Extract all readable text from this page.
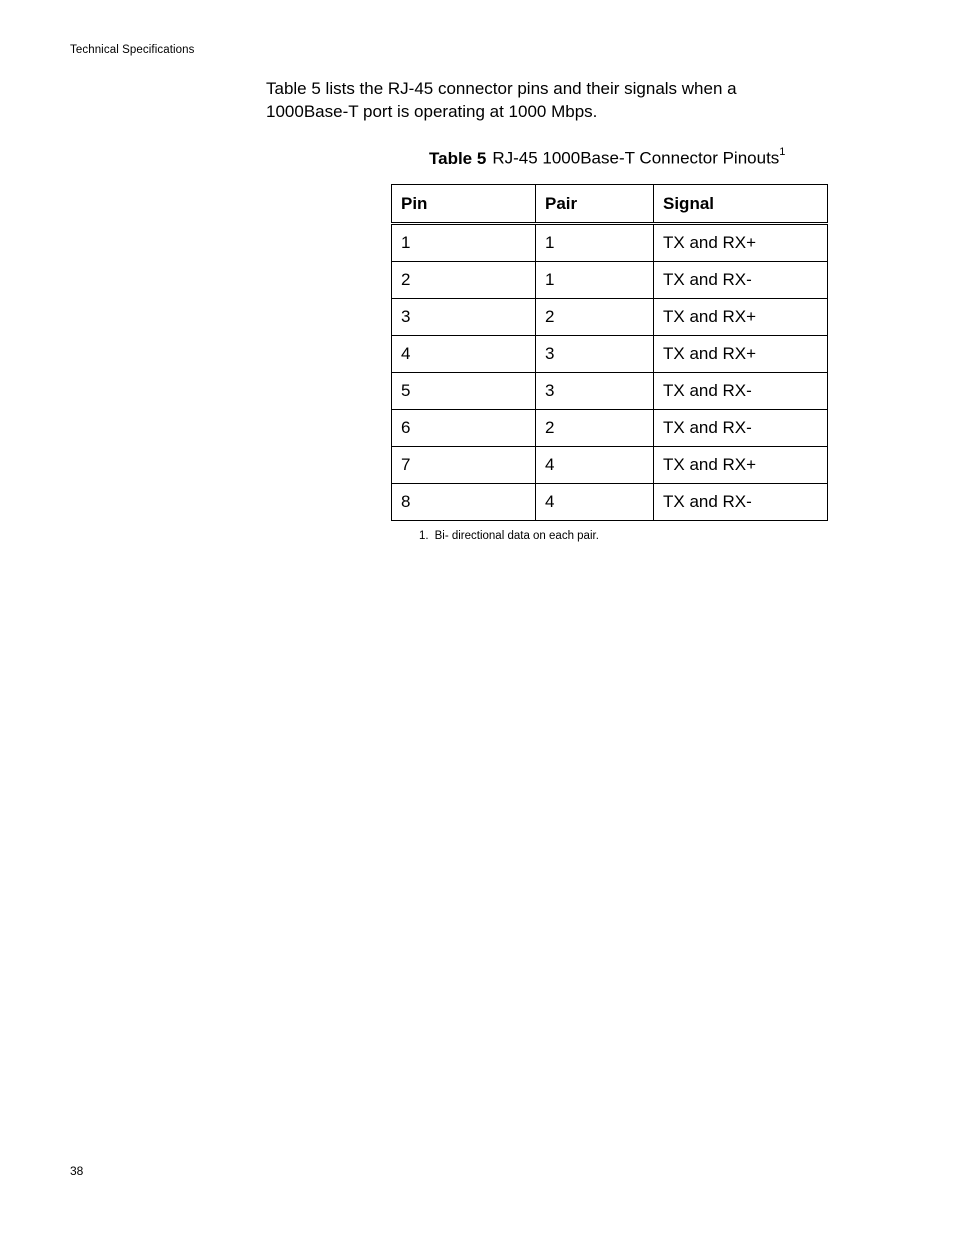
Technical Specifications

Table 5 lists the RJ-45 connector pins and their signals when a 1000Base-T port is operating at 1000 Mbps.

Table 5 RJ-45 1000Base-T Connector Pinouts$^1$
Pin	Pair	Signal
1	1	TX and RX+
2	1	TX and RX-
3	2	TX and RX+
4	3	TX and RX+
5	3	TX and RX-
6	2	TX and RX-
7	4	TX and RX+
8	4	TX and RX-
1. Bi- directional data on each pair.
38
